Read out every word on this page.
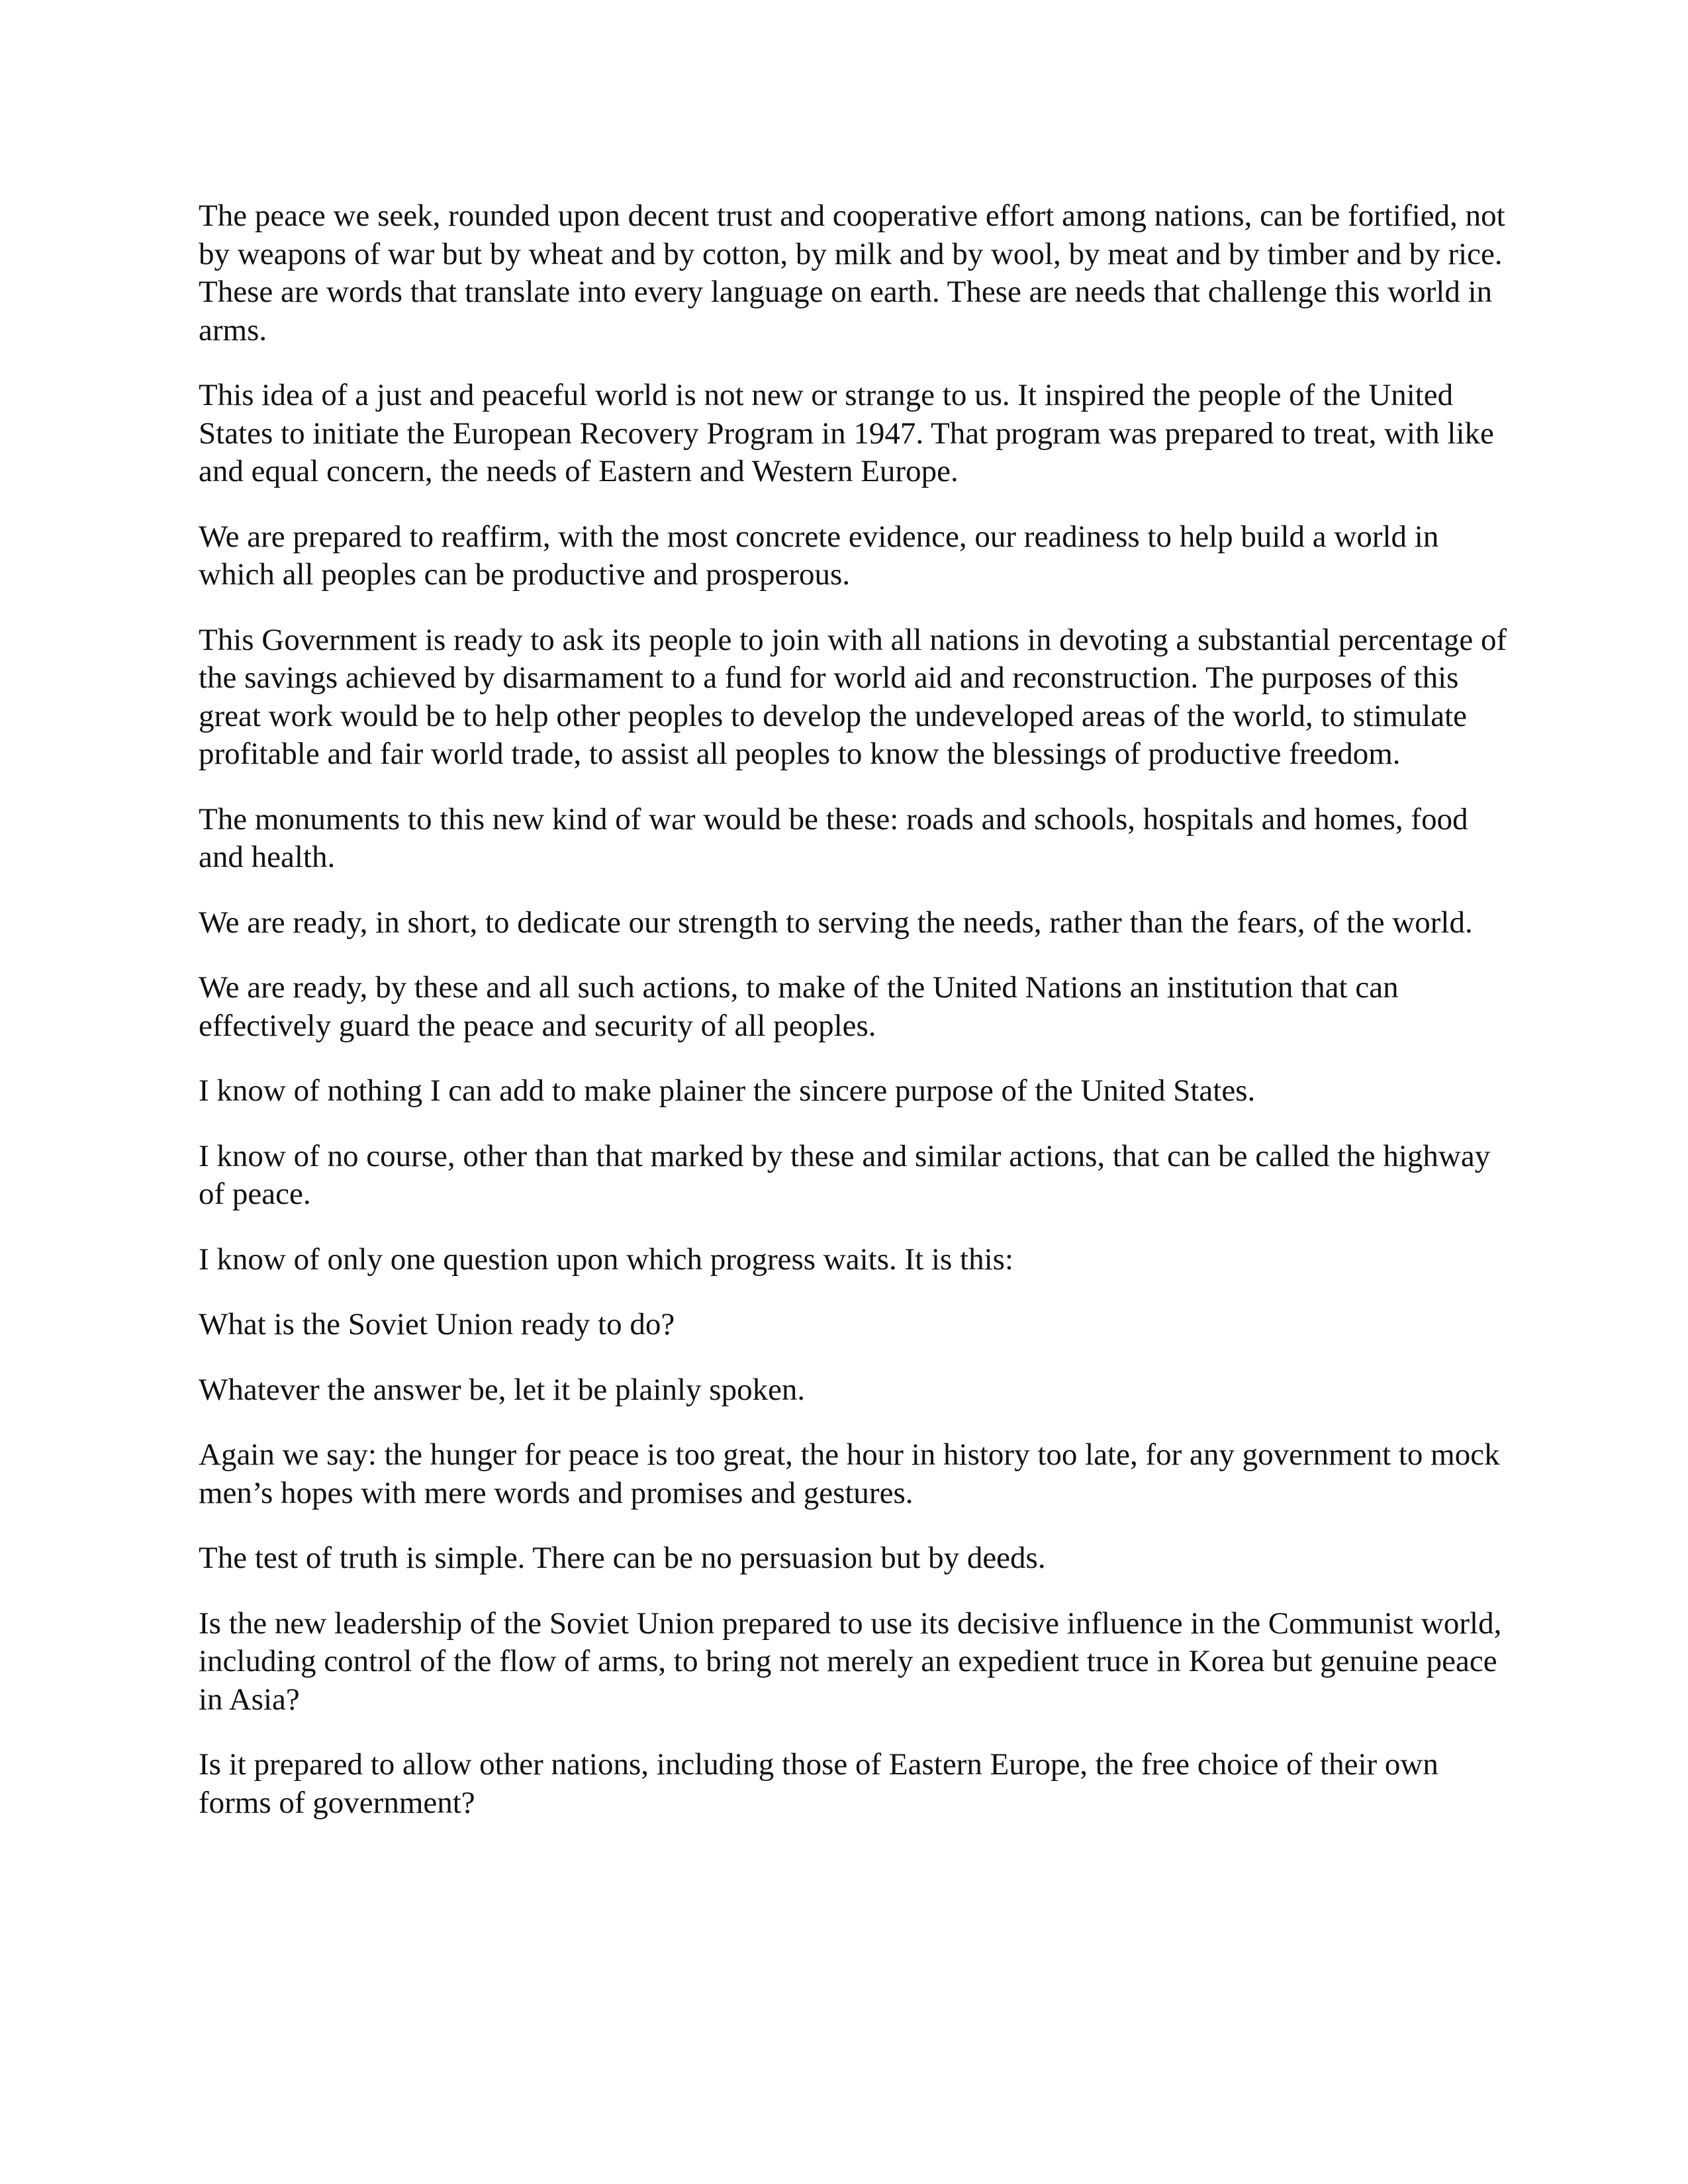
The peace we seek, rounded upon decent trust and cooperative effort among nations, can be fortified, not by weapons of war but by wheat and by cotton, by milk and by wool, by meat and by timber and by rice. These are words that translate into every language on earth. These are needs that challenge this world in arms.

This idea of a just and peaceful world is not new or strange to us. It inspired the people of the United States to initiate the European Recovery Program in 1947. That program was prepared to treat, with like and equal concern, the needs of Eastern and Western Europe.

We are prepared to reaffirm, with the most concrete evidence, our readiness to help build a world in which all peoples can be productive and prosperous.

This Government is ready to ask its people to join with all nations in devoting a substantial percentage of the savings achieved by disarmament to a fund for world aid and reconstruction. The purposes of this great work would be to help other peoples to develop the undeveloped areas of the world, to stimulate profitable and fair world trade, to assist all peoples to know the blessings of productive freedom.

The monuments to this new kind of war would be these: roads and schools, hospitals and homes, food and health.

We are ready, in short, to dedicate our strength to serving the needs, rather than the fears, of the world.

We are ready, by these and all such actions, to make of the United Nations an institution that can effectively guard the peace and security of all peoples.

I know of nothing I can add to make plainer the sincere purpose of the United States.

I know of no course, other than that marked by these and similar actions, that can be called the highway of peace.

I know of only one question upon which progress waits. It is this:

What is the Soviet Union ready to do?

Whatever the answer be, let it be plainly spoken.

Again we say: the hunger for peace is too great, the hour in history too late, for any government to mock men’s hopes with mere words and promises and gestures.

The test of truth is simple. There can be no persuasion but by deeds.

Is the new leadership of the Soviet Union prepared to use its decisive influence in the Communist world, including control of the flow of arms, to bring not merely an expedient truce in Korea but genuine peace in Asia?

Is it prepared to allow other nations, including those of Eastern Europe, the free choice of their own forms of government?
